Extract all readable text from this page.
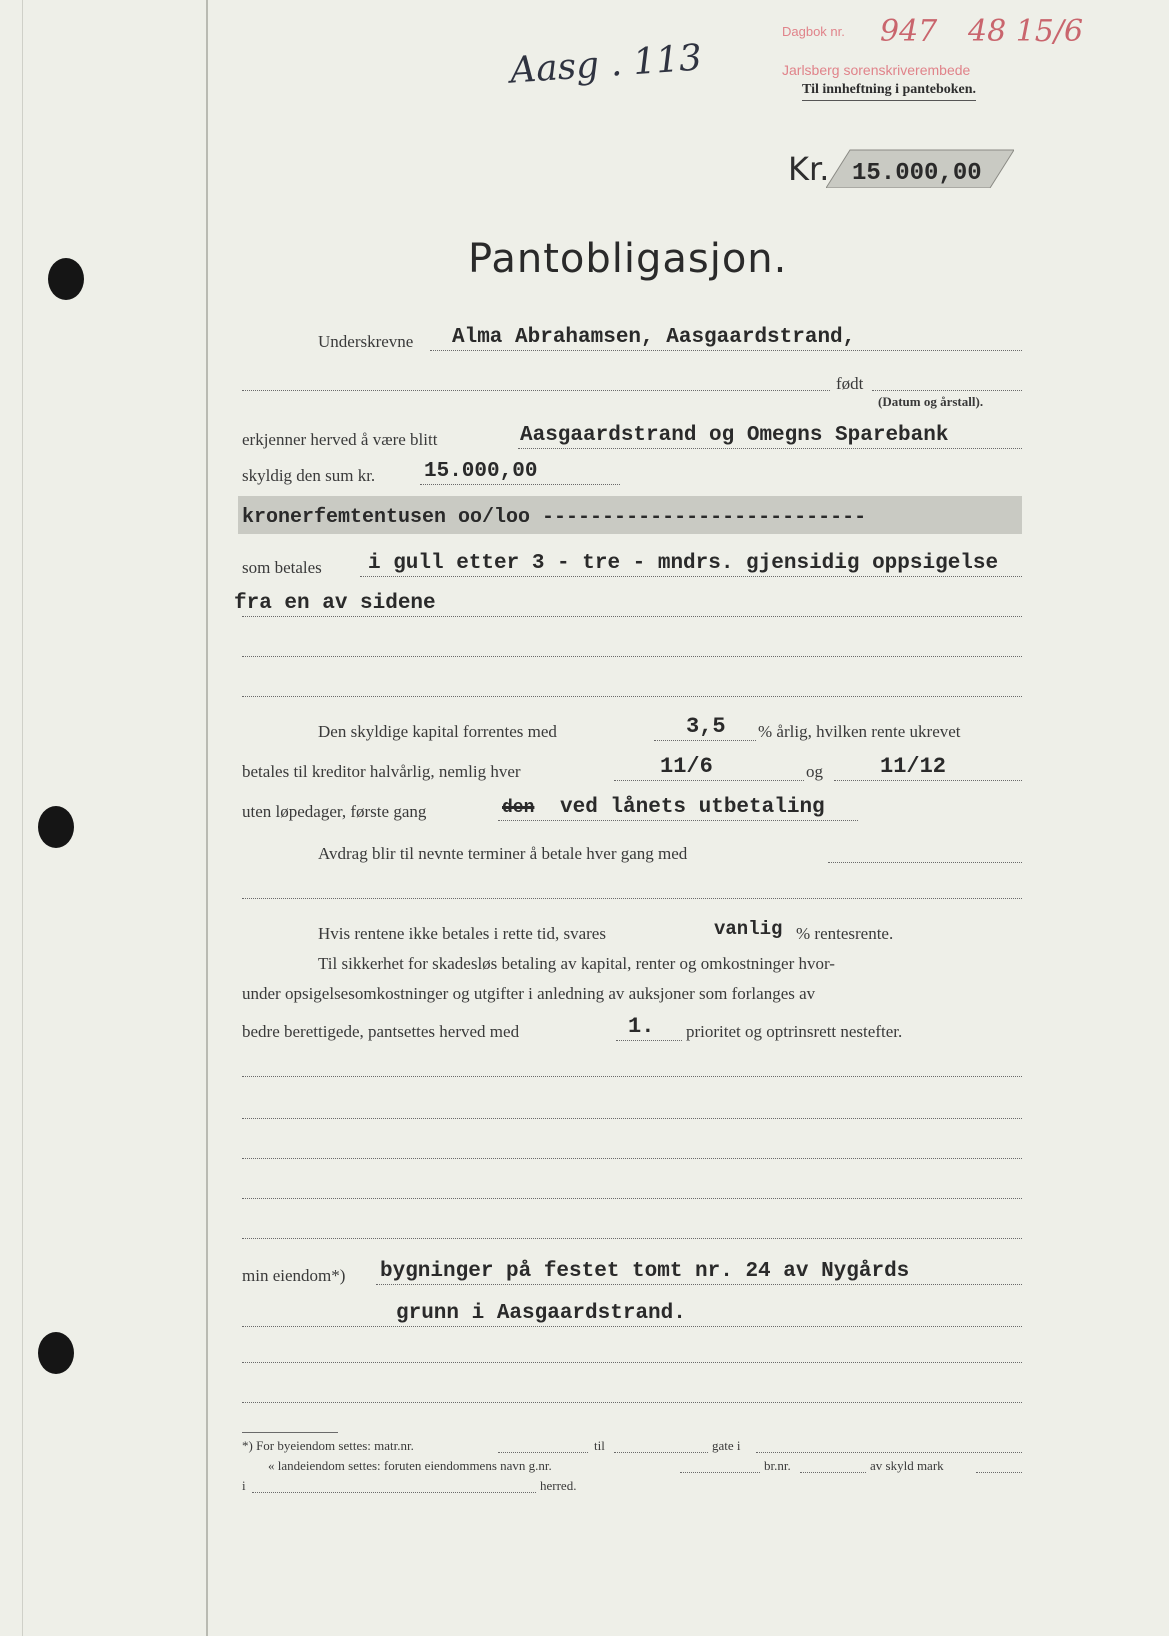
Aasg . 113
Dagbok nr. 947 48 15/6
Jarlsberg sorenskriverembede
Til innheftning i panteboken.
Kr. 15.000,00
Pantobligasjon.
Underskrevne Alma Abrahamsen, Aasgaardstrand,
født
(Datum og årstall).
erkjenner herved å være blitt	Aasgaardstrand og Omegns Sparebank
skyldig den sum kr. 15.000,00
kronerfemtentusen oo/loo ---------------------------
som betales i gull etter 3 - tre - mndrs. gjensidig oppsigelse
fra en av sidene
Den skyldige kapital forrentes med	3,5 % årlig, hvilken rente ukrevet
betales til kreditor halvårlig, nemlig hver	11/6	og	11/12
uten løpedager, første gang	den ved lånets utbetaling
Avdrag blir til nevnte terminer å betale hver gang med
Hvis rentene ikke betales i rette tid, svares	vanlig % rentesrente.
Til sikkerhet for skadesløs betaling av kapital, renter og omkostninger hvor-
under opsigelsesomkostninger og utgifter i anledning av auksjoner som forlanges av
bedre berettigede, pantsettes herved med	1. prioritet og optrinsrett nestefter.
min eiendom*) bygninger på festet tomt nr. 24 av Nygårds
grunn i Aasgaardstrand.
*) For byeiendom settes: matr.nr.	til	gate i
« landeiendom settes: foruten eiendommens navn g.nr.	br.nr.	av skyld mark
i	herred.
